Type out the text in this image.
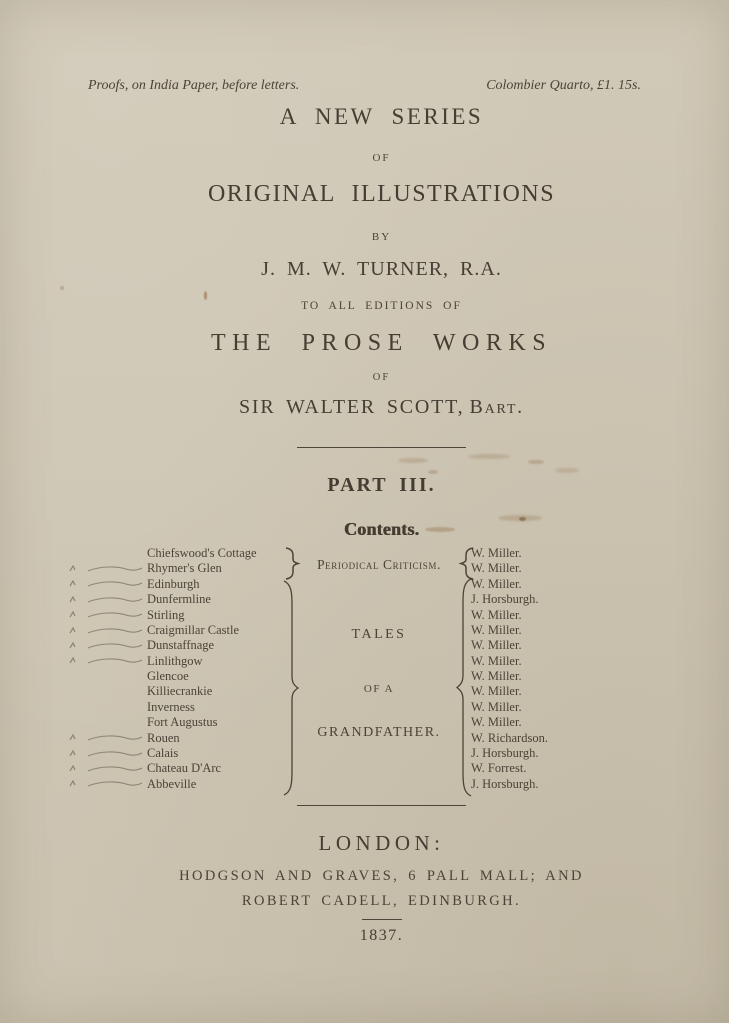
Proofs, on India Paper, before letters.	Colombier Quarto, £1. 15s.
A NEW SERIES
OF
ORIGINAL ILLUSTRATIONS
BY
J. M. W. TURNER, R.A.
TO ALL EDITIONS OF
THE PROSE WORKS
OF
SIR WALTER SCOTT, Bart.
PART III.
Contents.
Chiefswood's Cottage
Rhymer's Glen
Edinburgh
Dunfermline
Stirling
Craigmillar Castle
Dunstaffnage
Linlithgow
Glencoe
Killiecrankie
Inverness
Fort Augustus
Rouen
Calais
Chateau D'Arc
Abbeville
Periodical Criticism.
TALES
OF A
GRANDFATHER.
W. Miller.
W. Miller.
W. Miller.
J. Horsburgh.
W. Miller.
W. Miller.
W. Miller.
W. Miller.
W. Miller.
W. Miller.
W. Miller.
W. Miller.
W. Richardson.
J. Horsburgh.
W. Forrest.
J. Horsburgh.
LONDON:
HODGSON AND GRAVES, 6 PALL MALL; AND
ROBERT CADELL, EDINBURGH.
1837.
